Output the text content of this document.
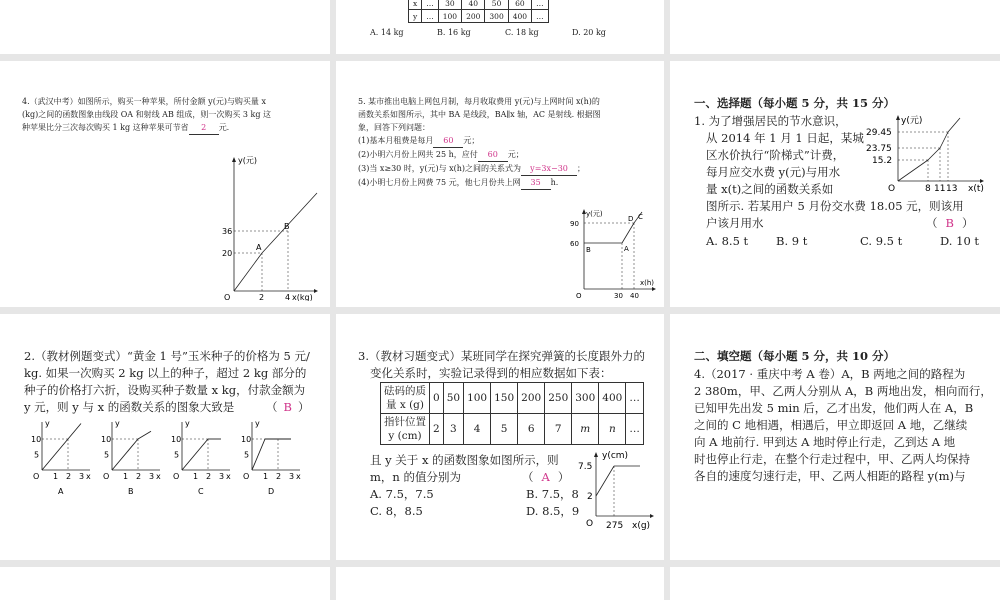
x	…	30	40	50	60	…
y	…	100	200	300	400	…
A. 14 kg	B. 16 kg	C. 18 kg	D. 20 kg
4.（武汉中考）如图所示，购买一种苹果，所付金额 y(元)与购买量 x
(kg)之间的函数图象由线段 OA 和射线 AB 组成，则一次购买 3 kg 这
种苹果比分三次每次购买 1 kg 这种苹果可节省 2 元.
y(元)
x(kg)
O
36
20
2	4
A
B
5. 某市推出电脑上网包月制，每月收取费用 y(元)与上网时间 x(h)的
函数关系如图所示，其中 BA 是线段，BA∥x 轴，AC 是射线. 根据图
象，回答下列问题：
(1)基本月租费是每月 60 元；
(2)小明六月份上网共 25 h，应付 60 元；
(3)当 x≥30 时，y(元)与 x(h)之间的关系式为 y=3x−30 ；
(4)小明七月份上网费 75 元，他七月份共上网 35 h.
y(元)
x(h)
O
90
60
30 40
B	A
D C
一、选择题（每小题 5 分，共 15 分）
1. 为了增强居民的节水意识，
从 2014 年 1 月 1 日起，某城
区水价执行“阶梯式”计费，
每月应交水费 y(元)与用水
量 x(t)之间的函数关系如
图所示. 若某用户 5 月份交水费 18.05 元，则该用
户该月用水	（ B ）
A. 8.5 t B. 9 t	C. 9.5 t	D. 10 t
y(元)
x(t)
O
29.45
23.75
15.2
8 11 13
2.（教材例题变式）“黄金 1 号”玉米种子的价格为 5 元/
kg. 如果一次购买 2 kg 以上的种子，超过 2 kg 部分的
种子的价格打六折，设购买种子数量 x kg，付款金额为
y 元，则 y 与 x 的函数关系的图象大致是	（ B ）
y
x
O
10
5
1 2 3
A
y
x
O
10
5
1 2 3
B
y
x
O
10
5
1 2 3
C
y
x
O
10
5
1 2 3
D
3.（教材习题变式）某班同学在探究弹簧的长度跟外力的
变化关系时，实验记录得到的相应数据如下表：
砝码的质
量 x (g)	0	50	100	150	200	250	300	400	…

指针位置
y (cm)	2	3	4	5	6	7	m	n	…
且 y 关于 x 的函数图象如图所示，则
m，n 的值分别为	（ A ）
A. 7.5，7.5	B. 7.5，8
C. 8，8.5	D. 8.5，9
y(cm)
x(g)
O
7.5
2
275
二、填空题（每小题 5 分，共 10 分）
4.（2017 · 重庆中考 A 卷）A，B 两地之间的路程为
2 380m，甲、乙两人分别从 A，B 两地出发，相向而行，
已知甲先出发 5 min 后，乙才出发，他们两人在 A，B
之间的 C 地相遇，相遇后，甲立即返回 A 地，乙继续
向 A 地前行. 甲到达 A 地时停止行走，乙到达 A 地
时也停止行走，在整个行走过程中，甲、乙两人均保持
各自的速度匀速行走，甲、乙两人相距的路程 y(m)与
